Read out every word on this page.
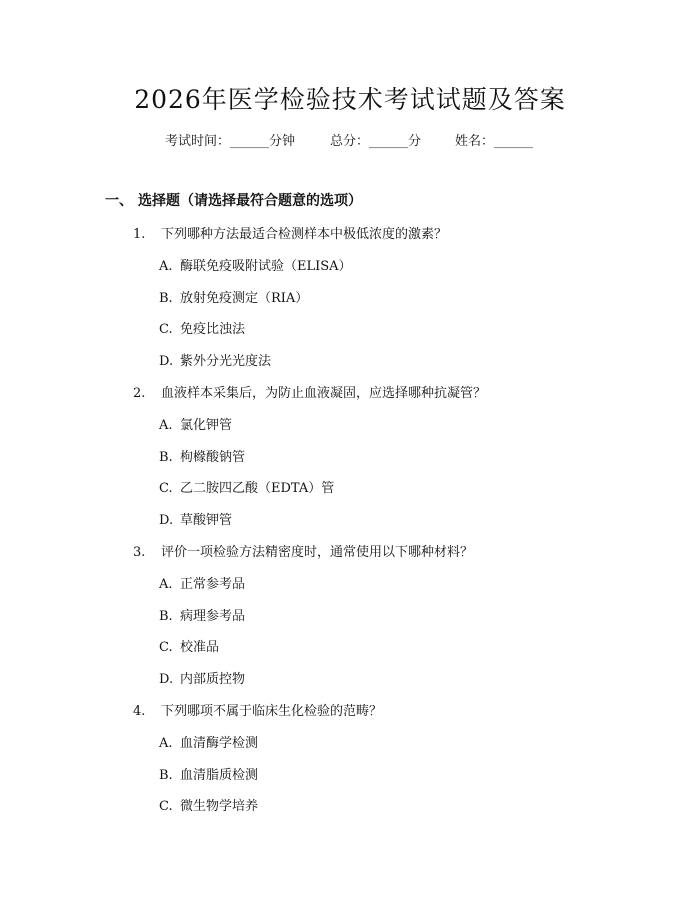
2026年医学检验技术考试试题及答案
考试时间：______分钟	总分：______分	姓名：______
一、 选择题（请选择最符合题意的选项）
1. 下列哪种方法最适合检测样本中极低浓度的激素？
A. 酶联免疫吸附试验（ELISA）
B. 放射免疫测定（RIA）
C. 免疫比浊法
D. 紫外分光光度法
2. 血液样本采集后，为防止血液凝固，应选择哪种抗凝管？
A. 氯化钾管
B. 枸橼酸钠管
C. 乙二胺四乙酸（EDTA）管
D. 草酸钾管
3. 评价一项检验方法精密度时，通常使用以下哪种材料？
A. 正常参考品
B. 病理参考品
C. 校准品
D. 内部质控物
4. 下列哪项不属于临床生化检验的范畴？
A. 血清酶学检测
B. 血清脂质检测
C. 微生物学培养
